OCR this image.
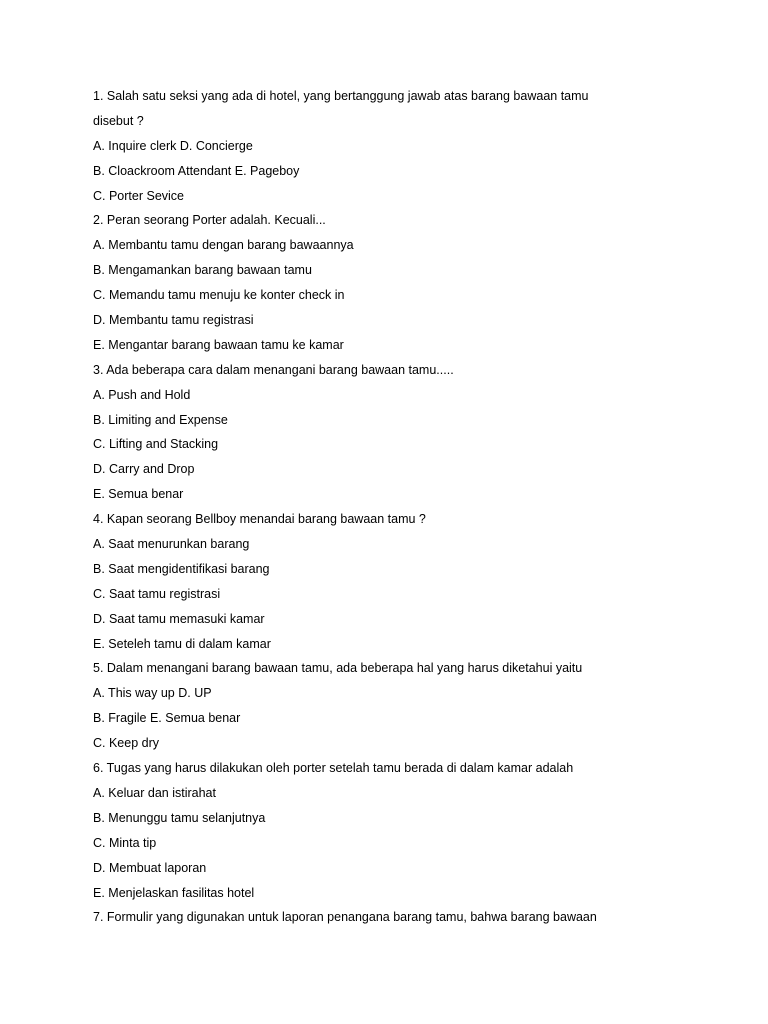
1. Salah satu seksi yang ada di hotel, yang bertanggung jawab atas barang bawaan tamu
disebut ?
A. Inquire clerk D. Concierge
B. Cloackroom Attendant E. Pageboy
C. Porter Sevice
2. Peran seorang Porter adalah. Kecuali...
A. Membantu tamu dengan barang bawaannya
B. Mengamankan barang bawaan tamu
C. Memandu tamu menuju ke konter check in
D. Membantu tamu registrasi
E. Mengantar barang bawaan tamu ke kamar
3. Ada beberapa cara dalam menangani barang bawaan tamu.....
A. Push and Hold
B. Limiting and Expense
C. Lifting and Stacking
D. Carry and Drop
E. Semua benar
4. Kapan seorang Bellboy menandai barang bawaan tamu ?
A. Saat menurunkan barang
B. Saat mengidentifikasi barang
C. Saat tamu registrasi
D. Saat tamu memasuki kamar
E. Seteleh tamu di dalam kamar
5. Dalam menangani barang bawaan tamu, ada beberapa hal yang harus diketahui yaitu
A. This way up D. UP
B. Fragile E. Semua benar
C. Keep dry
6. Tugas yang harus dilakukan oleh porter setelah tamu berada di dalam kamar adalah
A. Keluar dan istirahat
B. Menunggu tamu selanjutnya
C. Minta tip
D. Membuat laporan
E. Menjelaskan fasilitas hotel
7. Formulir yang digunakan untuk laporan penangana barang tamu, bahwa barang bawaan
